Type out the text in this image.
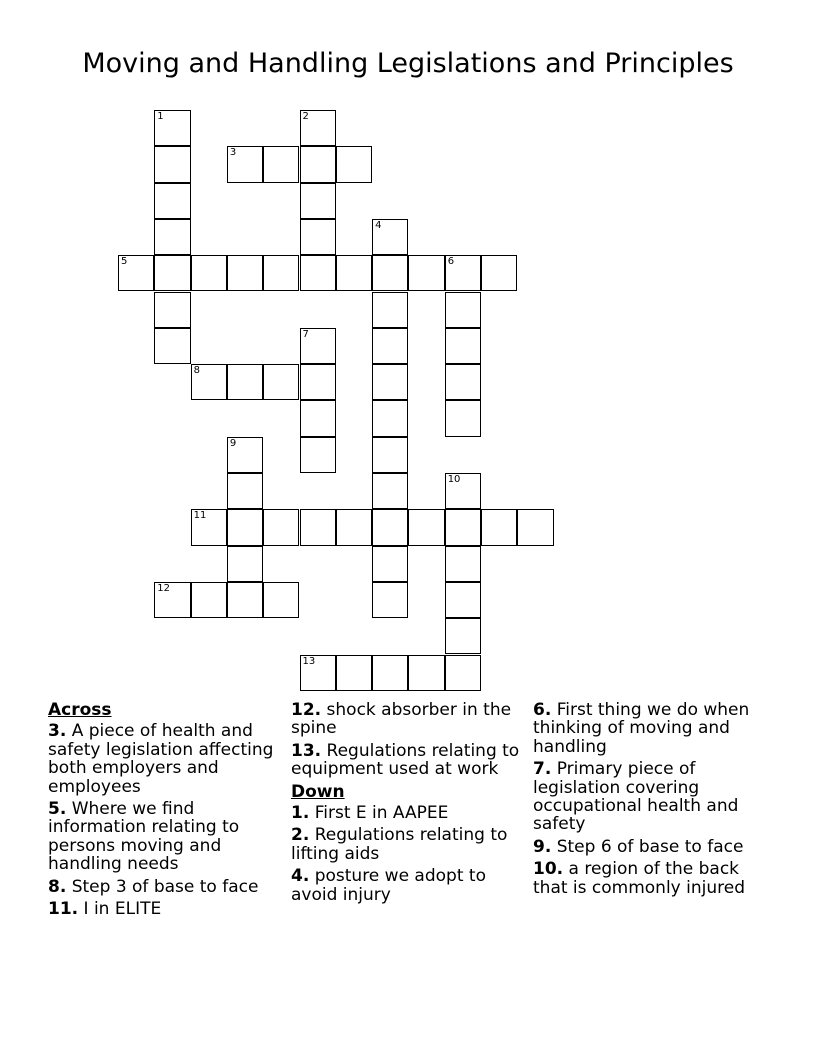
Moving and Handling Legislations and Principles
1	2
3
4
5	6
7
8
9
10
11
12
13
Across
3. A piece of health and safety legislation affecting both employers and employees
5. Where we find information relating to persons moving and handling needs
8. Step 3 of base to face
11. I in ELITE
12. shock absorber in the spine
13. Regulations relating to equipment used at work
Down
1. First E in AAPEE
2. Regulations relating to lifting aids
4. posture we adopt to avoid injury
6. First thing we do when thinking of moving and handling
7. Primary piece of legislation covering occupational health and safety
9. Step 6 of base to face
10. a region of the back that is commonly injured
